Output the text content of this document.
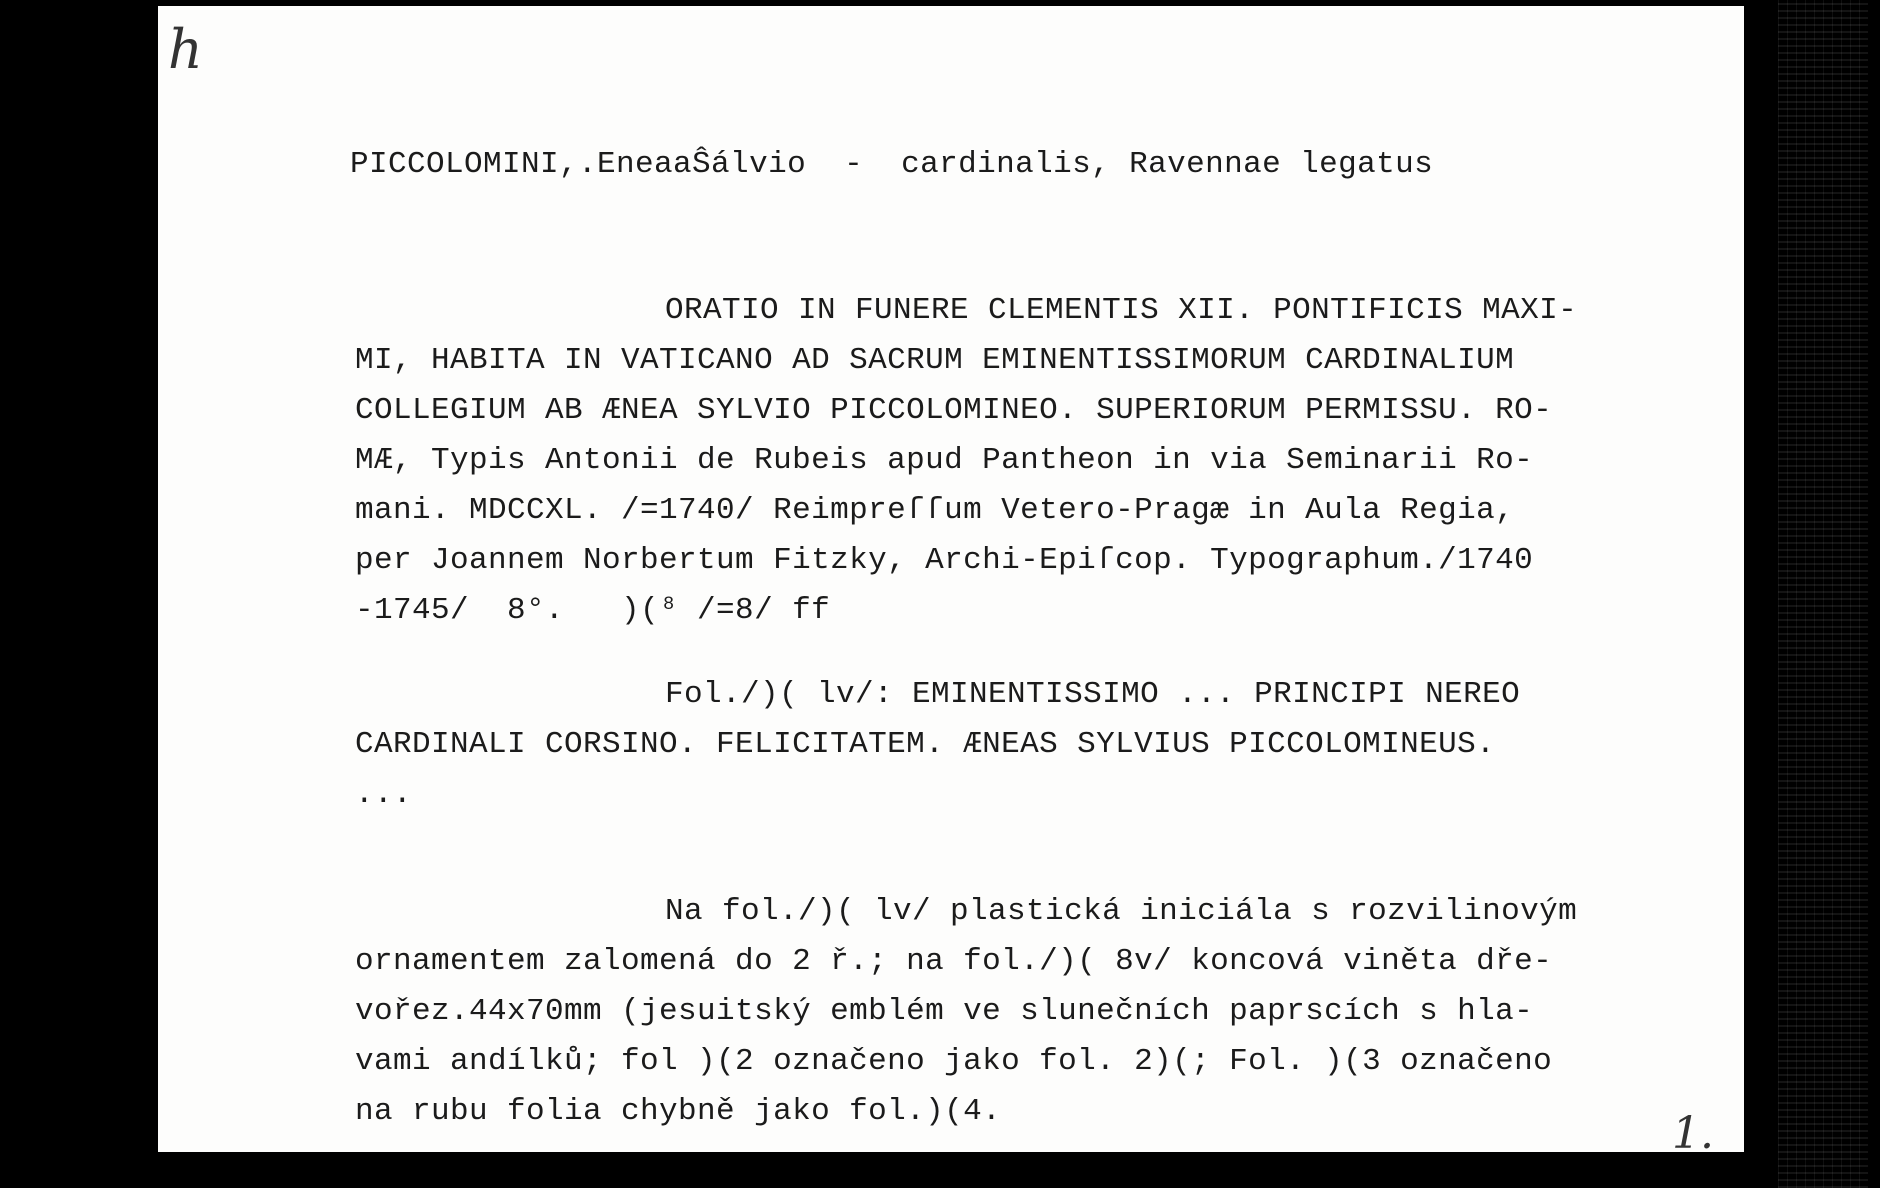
h
PICCOLOMINI,.EneaaŜálvio  -  cardinalis, Ravennae legatus
ORATIO IN FUNERE CLEMENTIS XII. PONTIFICIS MAXI-
MI, HABITA IN VATICANO AD SACRUM EMINENTISSIMORUM CARDINALIUM
COLLEGIUM AB ÆNEA SYLVIO PICCOLOMINEO. SUPERIORUM PERMISSU. RO-
MÆ, Typis Antonii de Rubeis apud Pantheon in via Seminarii Ro-
mani. MDCCXL. /=1740/ Reimpreſſum Vetero-Pragæ in Aula Regia,
per Joannem Norbertum Fitzky, Archi-Epiſcop. Typographum./1740
-1745/  8°.   )(⁸ /=8/ ff
Fol./)( lv/: EMINENTISSIMO ... PRINCIPI NEREO
CARDINALI CORSINO. FELICITATEM. ÆNEAS SYLVIUS PICCOLOMINEUS.
...
Na fol./)( lv/ plastická iniciála s rozvilinovým
ornamentem zalomená do 2 ř.; na fol./)( 8v/ koncová viněta dře-
vořez.44x70mm (jesuitský emblém ve slunečních paprscích s hla-
vami andílků; fol )(2 označeno jako fol. 2)(; Fol. )(3 označeno
na rubu folia chybně jako fol.)(4.	1.
